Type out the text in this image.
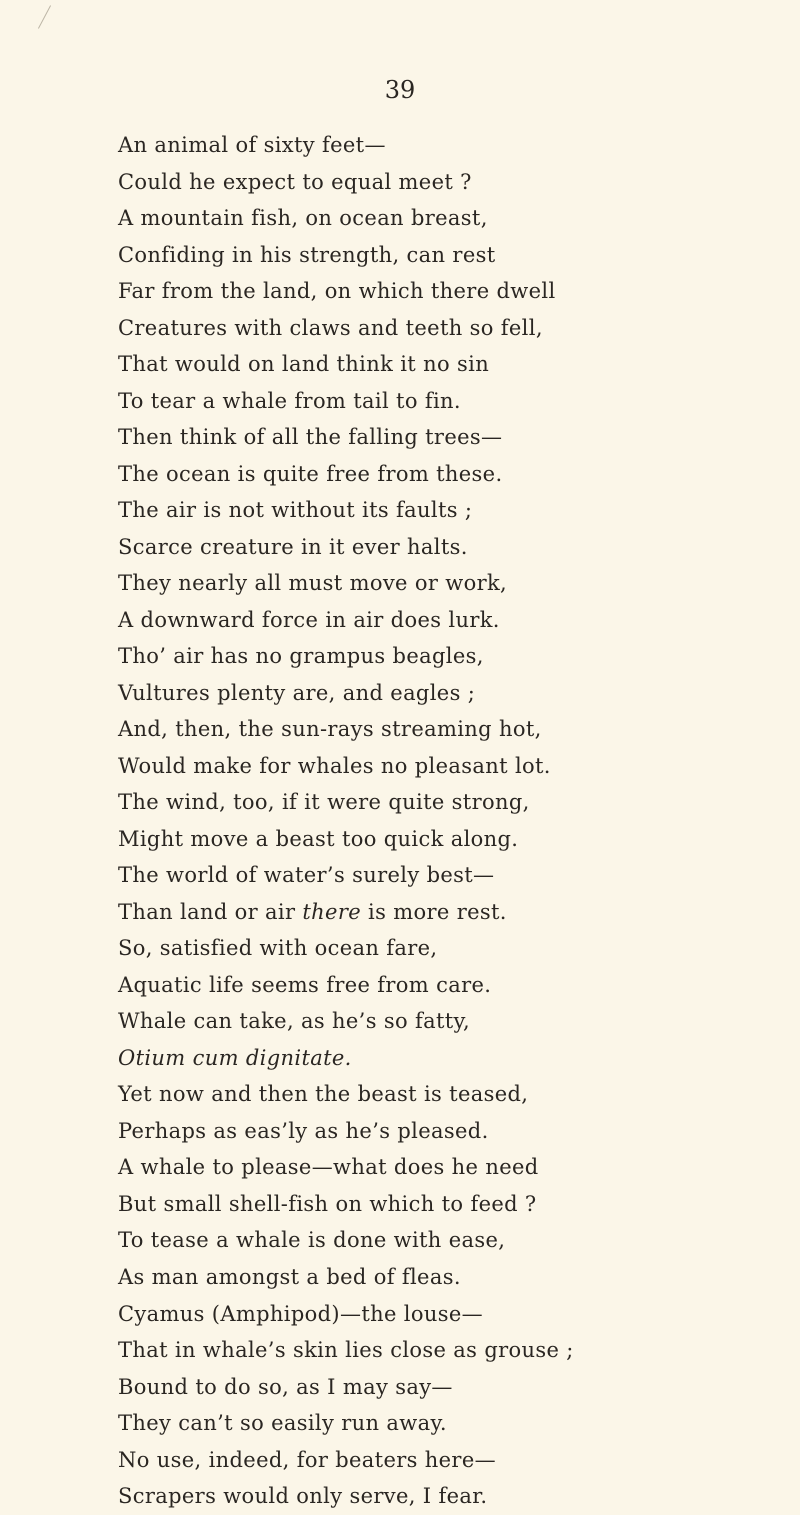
39
An animal of sixty feet—
Could he expect to equal meet ?
A mountain fish, on ocean breast,
Confiding in his strength, can rest
Far from the land, on which there dwell
Creatures with claws and teeth so fell,
That would on land think it no sin
To tear a whale from tail to fin.
Then think of all the falling trees—
The ocean is quite free from these.
The air is not without its faults ;
Scarce creature in it ever halts.
They nearly all must move or work,
A downward force in air does lurk.
Tho’ air has no grampus beagles,
Vultures plenty are, and eagles ;
And, then, the sun-rays streaming hot,
Would make for whales no pleasant lot.
The wind, too, if it were quite strong,
Might move a beast too quick along.
The world of water’s surely best—
Than land or air there is more rest.
So, satisfied with ocean fare,
Aquatic life seems free from care.
Whale can take, as he’s so fatty,
Otium cum dignitate.
Yet now and then the beast is teased,
Perhaps as eas’ly as he’s pleased.
A whale to please—what does he need
But small shell-fish on which to feed ?
To tease a whale is done with ease,
As man amongst a bed of fleas.
Cyamus (Amphipod)—the louse—
That in whale’s skin lies close as grouse ;
Bound to do so, as I may say—
They can’t so easily run away.
No use, indeed, for beaters here—
Scrapers would only serve, I fear.
